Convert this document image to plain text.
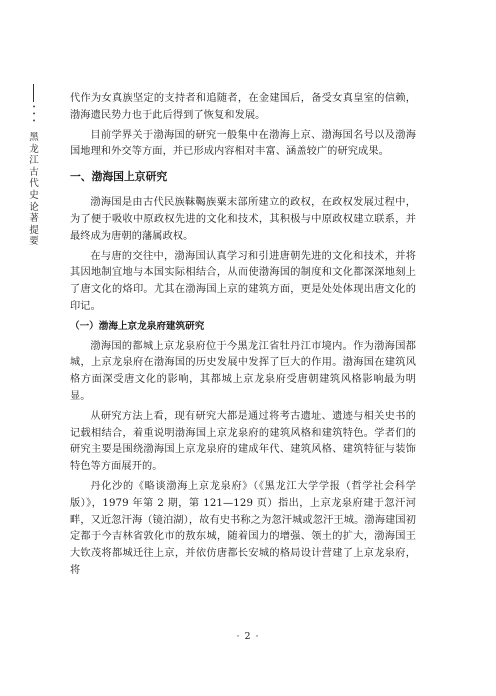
•
•
•
黑龙江古代史论著提要

代作为女真族坚定的支持者和追随者，在金建国后，备受女真皇室的信赖，渤海遗民势力也于此后得到了恢复和发展。

目前学界关于渤海国的研究一般集中在渤海上京、渤海国名号以及渤海国地理和外交等方面，并已形成内容相对丰富、涵盖较广的研究成果。

一、渤海国上京研究

渤海国是由古代民族靺鞨族粟末部所建立的政权，在政权发展过程中，为了便于吸收中原政权先进的文化和技术，其积极与中原政权建立联系，并最终成为唐朝的藩属政权。

在与唐的交往中，渤海国认真学习和引进唐朝先进的文化和技术，并将其因地制宜地与本国实际相结合，从而使渤海国的制度和文化都深深地刻上了唐文化的烙印。尤其在渤海国上京的建筑方面，更是处处体现出唐文化的印记。

（一）渤海上京龙泉府建筑研究

渤海国的都城上京龙泉府位于今黑龙江省牡丹江市境内。作为渤海国都城，上京龙泉府在渤海国的历史发展中发挥了巨大的作用。渤海国在建筑风格方面深受唐文化的影响，其都城上京龙泉府受唐朝建筑风格影响最为明显。

从研究方法上看，现有研究大都是通过将考古遗址、遗迹与相关史书的记载相结合，着重说明渤海国上京龙泉府的建筑风格和建筑特色。学者们的研究主要是围绕渤海国上京龙泉府的建成年代、建筑风格、建筑特征与装饰特色等方面展开的。

丹化沙的《略谈渤海上京龙泉府》（《黑龙江大学学报（哲学社会科学版）》，1979 年第 2 期，第 121—129 页）指出，上京龙泉府建于忽汗河畔，又近忽汗海（镜泊湖），故有史书称之为忽汗城或忽汗王城。渤海建国初定都于今吉林省敦化市的敖东城，随着国力的增强、领土的扩大，渤海国王大钦茂将都城迁往上京，并依仿唐都长安城的格局设计营建了上京龙泉府，将

· 2 ·
